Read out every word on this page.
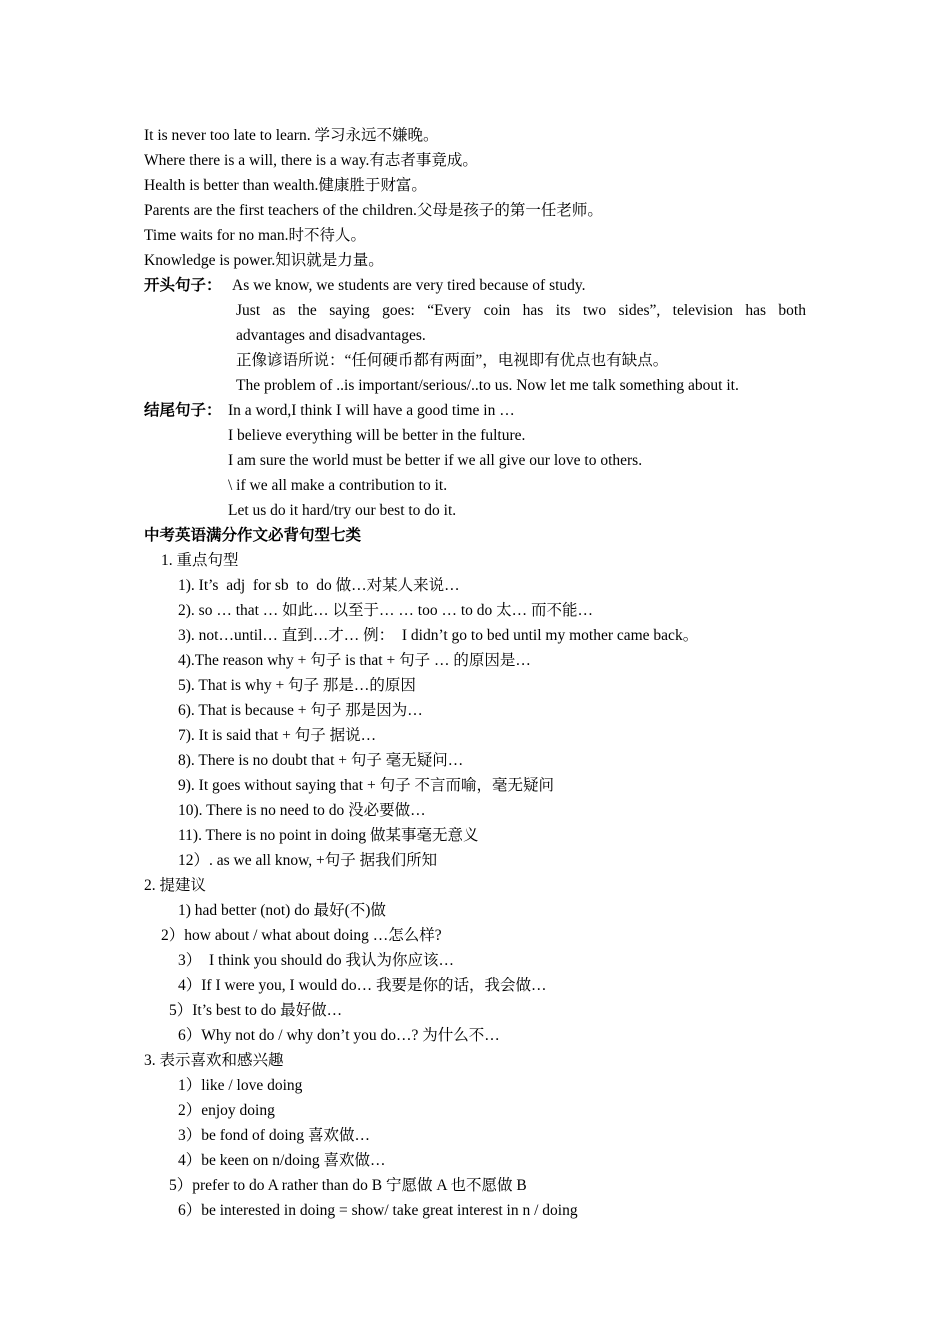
It is never too late to learn. 学习永远不嫌晚。
Where there is a will, there is a way.有志者事竟成。
Health is better than wealth.健康胜于财富。
Parents are the first teachers of the children.父母是孩子的第一任老师。
Time waits for no man.时不待人。
Knowledge is power.知识就是力量。
开头句子： As we know, we students are very tired because of study.
Just as the saying goes: “Every coin has its two sides”, television has both
advantages and disadvantages.
正像谚语所说：“任何硬币都有两面”，电视即有优点也有缺点。
The problem of ..is important/serious/..to us. Now let me talk something about it.
结尾句子： In a word,I think I will have a good time in …
I believe everything will be better in the fulture.
I am sure the world must be better if we all give our love to others.
\ if we all make a contribution to it.
Let us do it hard/try our best to do it.
中考英语满分作文必背句型七类
1. 重点句型
1). It’s  adj  for sb  to  do 做…对某人来说…
2). so … that … 如此… 以至于… … too … to do 太… 而不能…
3). not…until… 直到…才… 例：  I didn’t go to bed until my mother came back。
4).The reason why + 句子 is that + 句子 … 的原因是…
5). That is why + 句子 那是…的原因
6). That is because + 句子 那是因为…
7). It is said that + 句子 据说…
8). There is no doubt that + 句子 毫无疑问…
9). It goes without saying that + 句子 不言而喻，毫无疑问
10). There is no need to do 没必要做…
11). There is no point in doing 做某事毫无意义
12）. as we all know, +句子 据我们所知
2. 提建议
1) had better (not) do 最好(不)做
2）how about / what about doing …怎么样?
3）  I think you should do 我认为你应该…
4）If I were you, I would do… 我要是你的话，我会做…
5）It’s best to do 最好做…
6）Why not do / why don’t you do…? 为什么不…
3. 表示喜欢和感兴趣
1）like / love doing
2）enjoy doing
3）be fond of doing 喜欢做…
4）be keen on n/doing 喜欢做…
5）prefer to do A rather than do B 宁愿做 A 也不愿做 B
6）be interested in doing = show/ take great interest in n / doing
